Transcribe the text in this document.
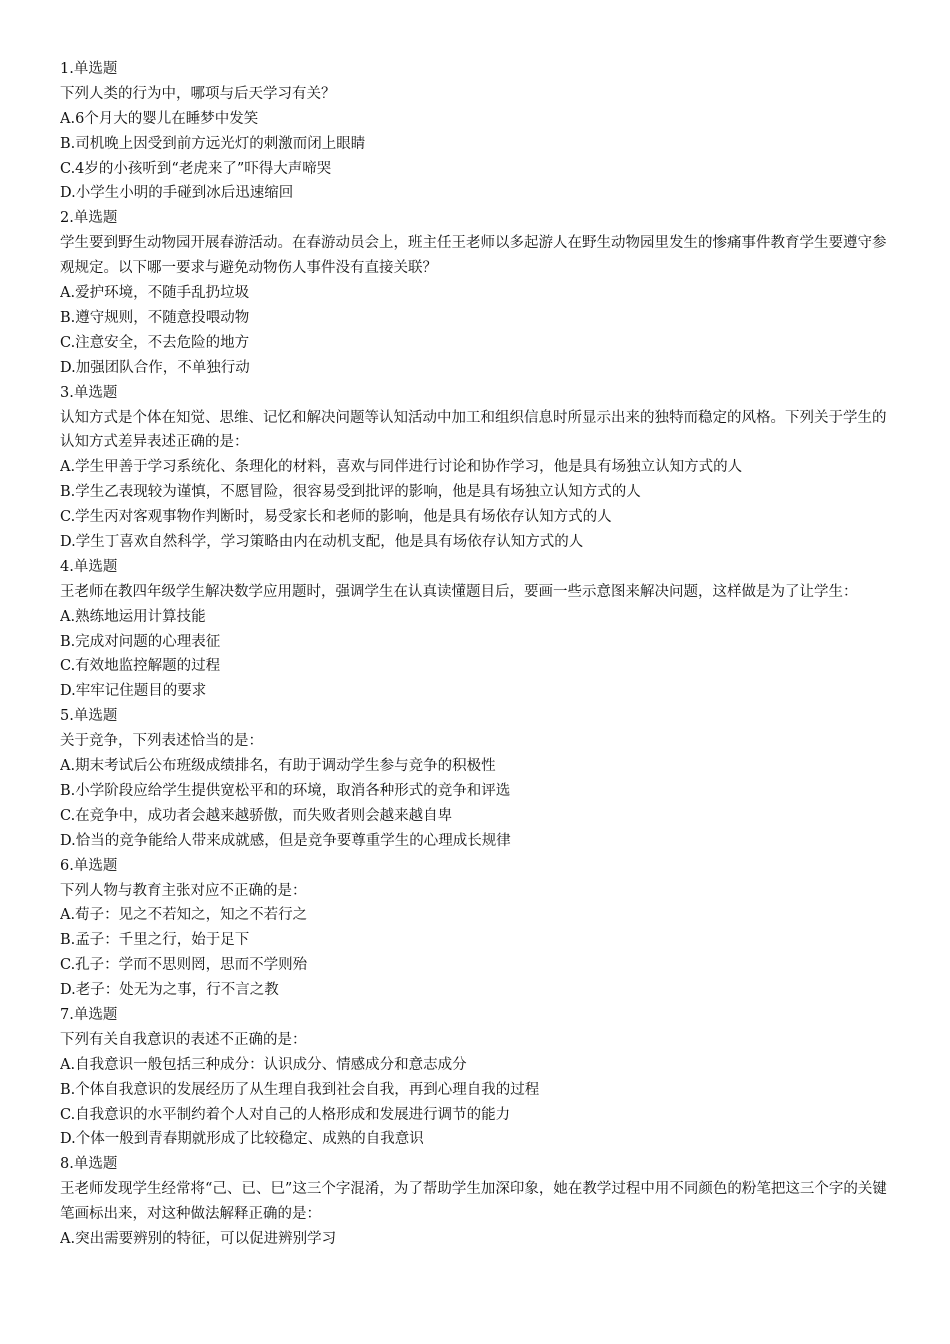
1.单选题
下列人类的行为中，哪项与后天学习有关？
A.6个月大的婴儿在睡梦中发笑
B.司机晚上因受到前方远光灯的刺激而闭上眼睛
C.4岁的小孩听到“老虎来了”吓得大声啼哭
D.小学生小明的手碰到冰后迅速缩回
2.单选题
学生要到野生动物园开展春游活动。在春游动员会上，班主任王老师以多起游人在野生动物园里发生的惨痛事件教育学生要遵守参观规定。以下哪一要求与避免动物伤人事件没有直接关联？
A.爱护环境，不随手乱扔垃圾
B.遵守规则，不随意投喂动物
C.注意安全，不去危险的地方
D.加强团队合作，不单独行动
3.单选题
认知方式是个体在知觉、思维、记忆和解决问题等认知活动中加工和组织信息时所显示出来的独特而稳定的风格。下列关于学生的认知方式差异表述正确的是：
A.学生甲善于学习系统化、条理化的材料，喜欢与同伴进行讨论和协作学习，他是具有场独立认知方式的人
B.学生乙表现较为谨慎，不愿冒险，很容易受到批评的影响，他是具有场独立认知方式的人
C.学生丙对客观事物作判断时，易受家长和老师的影响，他是具有场依存认知方式的人
D.学生丁喜欢自然科学，学习策略由内在动机支配，他是具有场依存认知方式的人
4.单选题
王老师在教四年级学生解决数学应用题时，强调学生在认真读懂题目后，要画一些示意图来解决问题，这样做是为了让学生：
A.熟练地运用计算技能
B.完成对问题的心理表征
C.有效地监控解题的过程
D.牢牢记住题目的要求
5.单选题
关于竞争，下列表述恰当的是：
A.期末考试后公布班级成绩排名，有助于调动学生参与竞争的积极性
B.小学阶段应给学生提供宽松平和的环境，取消各种形式的竞争和评选
C.在竞争中，成功者会越来越骄傲，而失败者则会越来越自卑
D.恰当的竞争能给人带来成就感，但是竞争要尊重学生的心理成长规律
6.单选题
下列人物与教育主张对应不正确的是：
A.荀子：见之不若知之，知之不若行之
B.孟子：千里之行，始于足下
C.孔子：学而不思则罔，思而不学则殆
D.老子：处无为之事，行不言之教
7.单选题
下列有关自我意识的表述不正确的是：
A.自我意识一般包括三种成分：认识成分、情感成分和意志成分
B.个体自我意识的发展经历了从生理自我到社会自我，再到心理自我的过程
C.自我意识的水平制约着个人对自己的人格形成和发展进行调节的能力
D.个体一般到青春期就形成了比较稳定、成熟的自我意识
8.单选题
王老师发现学生经常将“己、已、巳”这三个字混淆，为了帮助学生加深印象，她在教学过程中用不同颜色的粉笔把这三个字的关键笔画标出来，对这种做法解释正确的是：
A.突出需要辨别的特征，可以促进辨别学习
